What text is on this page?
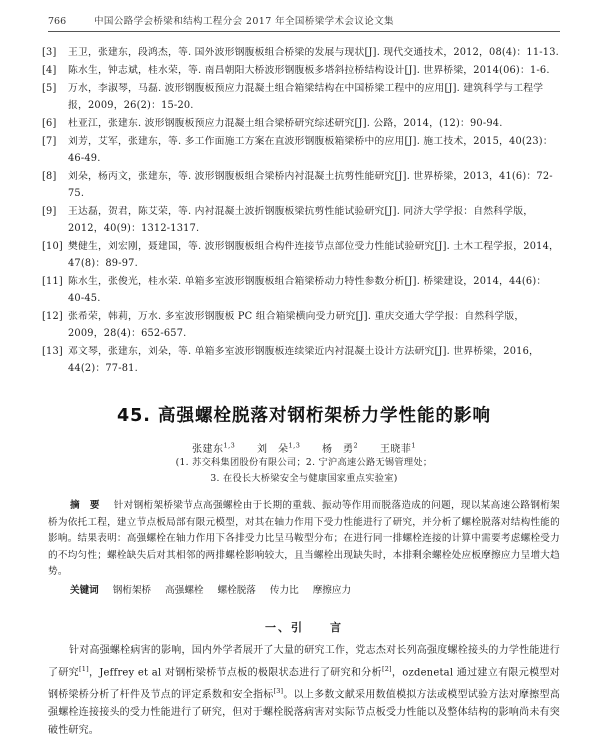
766	中国公路学会桥梁和结构工程分会 2017 年全国桥梁学术会议论文集
[3] 王卫，张建东，段鸿杰，等. 国外波形钢腹板组合桥梁的发展与现状[J]. 现代交通技术，2012，08(4)：11-13.
[4] 陈水生，钟志斌，桂水荣，等. 南昌朝阳大桥波形钢腹板多塔斜拉桥结构设计[J]. 世界桥梁，2014(06)：1-6.
[5] 万水，李淑琴，马磊. 波形钢腹板预应力混凝土组合箱梁结构在中国桥梁工程中的应用[J]. 建筑科学与工程学报，2009，26(2)：15-20.
[6] 杜亚江，张建东. 波形钢腹板预应力混凝土组合梁桥研究综述研究[J]. 公路，2014，(12)：90-94.
[7] 刘芳，艾军，张建东，等. 多工作面施工方案在直波形钢腹板箱梁桥中的应用[J]. 施工技术，2015，40(23)：46-49.
[8] 刘朵，杨丙文，张建东，等. 波形钢腹板组合梁桥内衬混凝土抗剪性能研究[J]. 世界桥梁，2013，41(6)：72-75.
[9] 王达磊，贺君，陈艾荣，等. 内衬混凝土波折钢腹板梁抗剪性能试验研究[J]. 同济大学学报：自然科学版，2012，40(9)：1312-1317.
[10] 樊健生，刘宏刚，聂建国，等. 波形钢腹板组合构件连接节点部位受力性能试验研究[J]. 土木工程学报，2014，47(8)：89-97.
[11] 陈水生，张俊光，桂水荣. 单箱多室波形钢腹板组合箱梁桥动力特性参数分析[J]. 桥梁建设，2014，44(6)：40-45.
[12] 张希荣，韩莉，万水. 多室波形钢腹板 PC 组合箱梁横向受力研究[J]. 重庆交通大学学报：自然科学版，2009，28(4)：652-657.
[13] 邓文琴，张建东，刘朵，等. 单箱多室波形钢腹板连续梁近内衬混凝土设计方法研究[J]. 世界桥梁，2016，44(2)：77-81.
45. 高强螺栓脱落对钢桁架桥力学性能的影响
张建东$^{1,3}$ 刘　朵$^{1,3}$ 杨　勇$^2$ 王晓菲$^1$
(1. 苏交科集团股份有限公司；2. 宁沪高速公路无锡管理处；
3. 在役长大桥梁安全与健康国家重点实验室)
摘　要 针对钢桁架桥梁节点高强螺栓由于长期的重载、振动等作用而脱落造成的问题，现以某高速公路钢桁架桥为依托工程，建立节点板局部有限元模型，对其在轴力作用下受力性能进行了研究，并分析了螺栓脱落对结构性能的影响。结果表明：高强螺栓在轴力作用下各排受力比呈马鞍型分布；在进行同一排螺栓连接的计算中需要考虑螺栓受力的不均匀性；螺栓缺失后对其相邻的两排螺栓影响较大，且当螺栓出现缺失时，本排剩余螺栓处应板摩擦应力呈增大趋势。
关键词 钢桁架桥 高强螺栓 螺栓脱落 传力比 摩擦应力
一、引 言
针对高强螺栓病害的影响，国内外学者展开了大量的研究工作，党志杰对长列高强度螺栓接头的力学性能进行了研究[1]，Jeffrey et al 对钢桁梁桥节点板的极限状态进行了研究和分析[2]，ozdenetal 通过建立有限元模型对钢桥梁桥分析了杆件及节点的评定系数和安全指标[3]。以上多数文献采用数值模拟方法或模型试验方法对摩擦型高强螺栓连接接头的受力性能进行了研究，但对于螺栓脱落病害对实际节点板受力性能以及整体结构的影响尚未有突破性研究。
